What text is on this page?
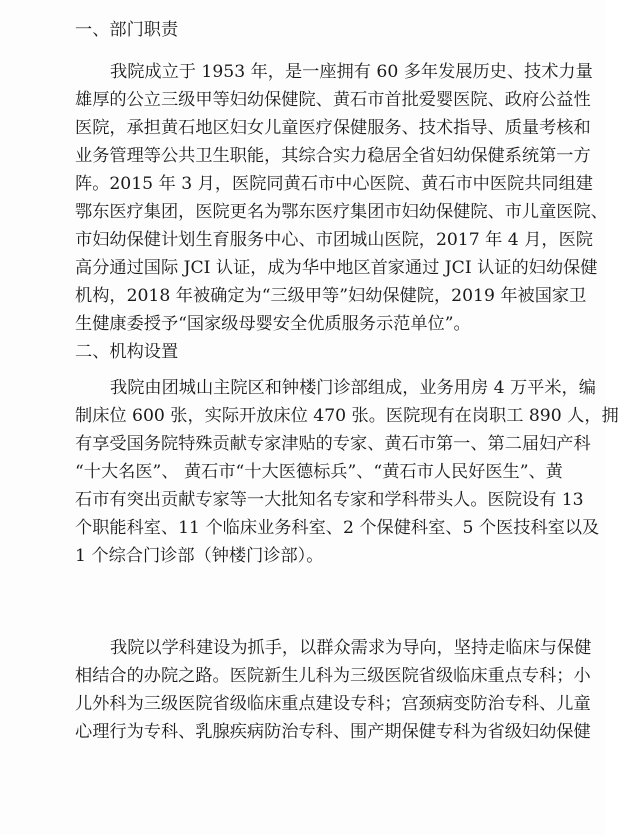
一、部门职责
我院成立于 1953 年，是一座拥有 60 多年发展历史、技术力量
雄厚的公立三级甲等妇幼保健院、黄石市首批爱婴医院、政府公益性
医院，承担黄石地区妇女儿童医疗保健服务、技术指导、质量考核和
业务管理等公共卫生职能，其综合实力稳居全省妇幼保健系统第一方
阵。2015 年 3 月，医院同黄石市中心医院、黄石市中医院共同组建
鄂东医疗集团，医院更名为鄂东医疗集团市妇幼保健院、市儿童医院、
市妇幼保健计划生育服务中心、市团城山医院，2017 年 4 月，医院
高分通过国际 JCI 认证，成为华中地区首家通过 JCI 认证的妇幼保健
机构，2018 年被确定为“三级甲等”妇幼保健院，2019 年被国家卫
生健康委授予“国家级母婴安全优质服务示范单位”。
二、机构设置
我院由团城山主院区和钟楼门诊部组成，业务用房 4 万平米，编
制床位 600 张，实际开放床位 470 张。医院现有在岗职工 890 人，拥
有享受国务院特殊贡献专家津贴的专家、黄石市第一、第二届妇产科
“十大名医”、 黄石市“十大医德标兵”、“黄石市人民好医生”、黄
石市有突出贡献专家等一大批知名专家和学科带头人。医院设有 13
个职能科室、11 个临床业务科室、2 个保健科室、5 个医技科室以及
1 个综合门诊部（钟楼门诊部）。
我院以学科建设为抓手，以群众需求为导向，坚持走临床与保健
相结合的办院之路。医院新生儿科为三级医院省级临床重点专科；小
儿外科为三级医院省级临床重点建设专科；宫颈病变防治专科、儿童
心理行为专科、乳腺疾病防治专科、围产期保健专科为省级妇幼保健
